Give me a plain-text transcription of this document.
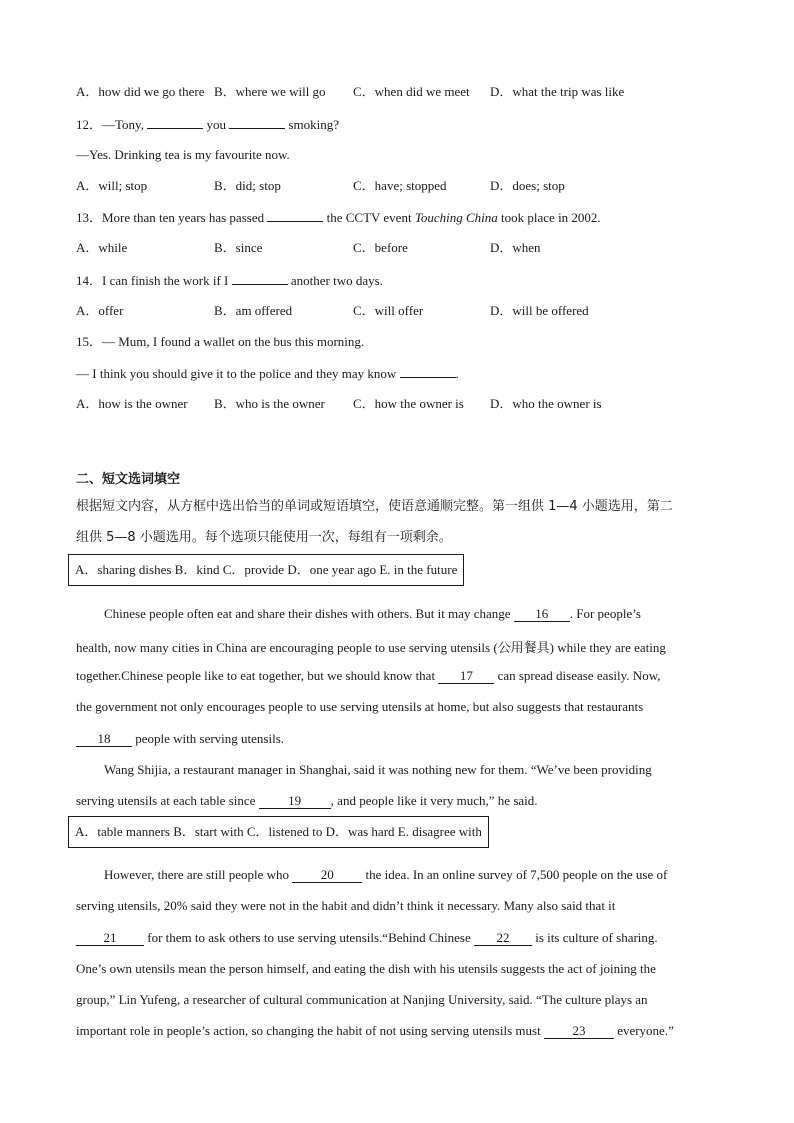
A．how did we go there B．where we will go C．when did we meet D．what the trip was like
12．—Tony,	you	smoking?
—Yes. Drinking tea is my favourite now.
A．will; stop	B．did; stop	C．have; stopped	D．does; stop
13．More than ten years has passed	the CCTV event Touching China took place in 2002.
A．while	B．since	C．before	D．when
14．I can finish the work if I	another two days.
A．offer	B．am offered	C．will offer	D．will be offered
15．— Mum, I found a wallet on the bus this morning.
— I think you should give it to the police and they may know	.
A．how is the owner B．who is the owner C．how the owner is D．who the owner is
二、短文选词填空
根据短文内容，从方框中选出恰当的单词或短语填空，使语意通顺完整。第一组供 1—4 小题选用，第二
组供 5—8 小题选用。每个选项只能使用一次，每组有一项剩余。
A．sharing dishes B．kind C．provide D．one year ago E. in the future
Chinese people often eat and share their dishes with others. But it may change 16 . For people’s
health, now many cities in China are encouraging people to use serving utensils (公用餐具) while they are eating
together.Chinese people like to eat together, but we should know that 17 can spread disease easily. Now,
the government not only encourages people to use serving utensils at home, but also suggests that restaurants
18 people with serving utensils.
Wang Shijia, a restaurant manager in Shanghai, said it was nothing new for them. “We’ve been providing
serving utensils at each table since	19 , and people like it very much,” he said.
A．table manners B．start with C．listened to D．was hard E. disagree with
However, there are still people who 20 the idea. In an online survey of 7,500 people on the use of
serving utensils, 20% said they were not in the habit and didn’t think it necessary. Many also said that it
21 for them to ask others to use serving utensils.“Behind Chinese 22 is its culture of sharing.
One’s own utensils mean the person himself, and eating the dish with his utensils suggests the act of joining the
group,” Lin Yufeng, a researcher of cultural communication at Nanjing University, said. “The culture plays an
important role in people’s action, so changing the habit of not using serving utensils must 23 everyone.”
